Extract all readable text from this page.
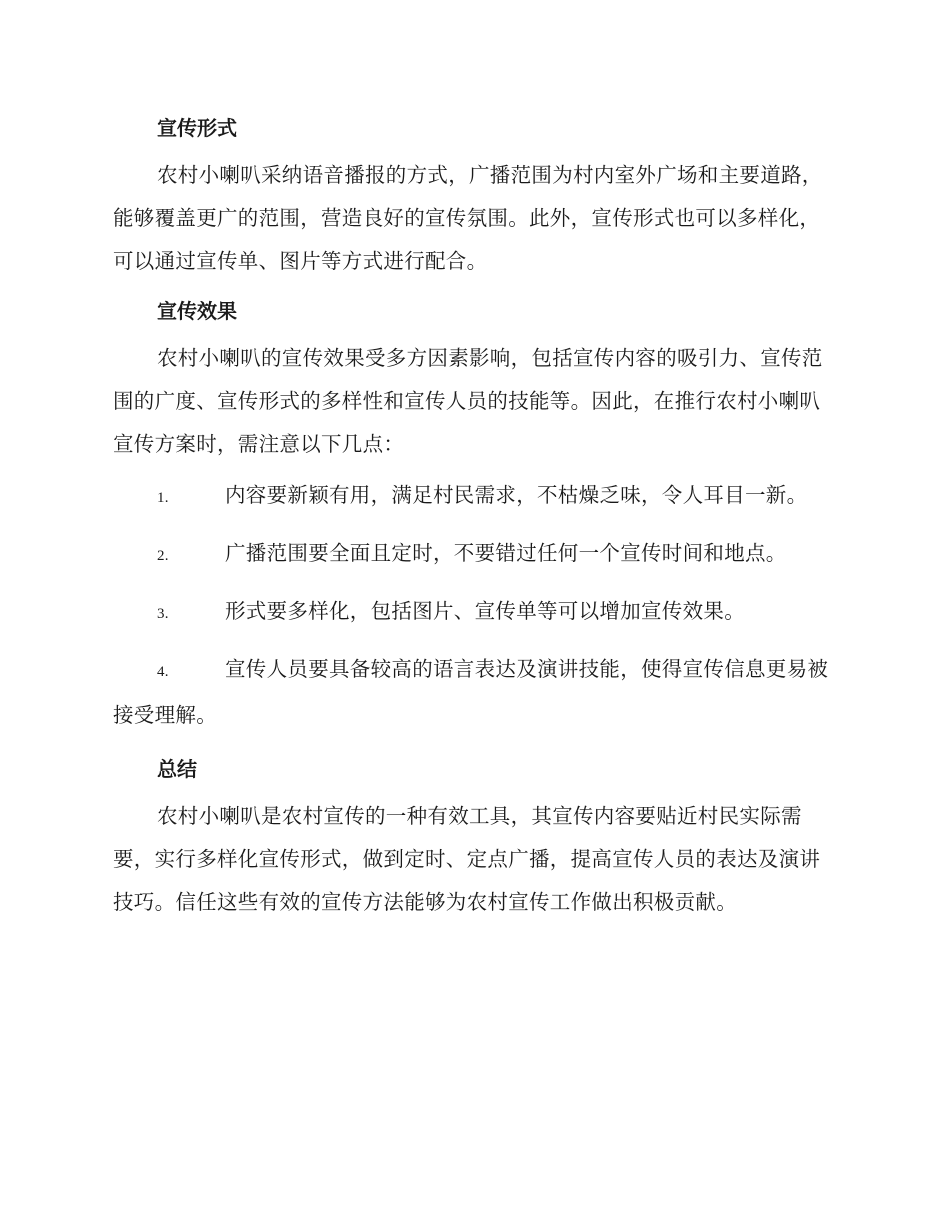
宣传形式

农村小喇叭采纳语音播报的方式，广播范围为村内室外广场和主要道路，能够覆盖更广的范围，营造良好的宣传氛围。此外，宣传形式也可以多样化，可以通过宣传单、图片等方式进行配合。

宣传效果

农村小喇叭的宣传效果受多方因素影响，包括宣传内容的吸引力、宣传范围的广度、宣传形式的多样性和宣传人员的技能等。因此，在推行农村小喇叭宣传方案时，需注意以下几点：

1.	内容要新颖有用，满足村民需求，不枯燥乏味，令人耳目一新。
2.	广播范围要全面且定时，不要错过任何一个宣传时间和地点。
3.	形式要多样化，包括图片、宣传单等可以增加宣传效果。
4.	宣传人员要具备较高的语言表达及演讲技能，使得宣传信息更易被接受理解。
总结

农村小喇叭是农村宣传的一种有效工具，其宣传内容要贴近村民实际需要，实行多样化宣传形式，做到定时、定点广播，提高宣传人员的表达及演讲技巧。信任这些有效的宣传方法能够为农村宣传工作做出积极贡献。
